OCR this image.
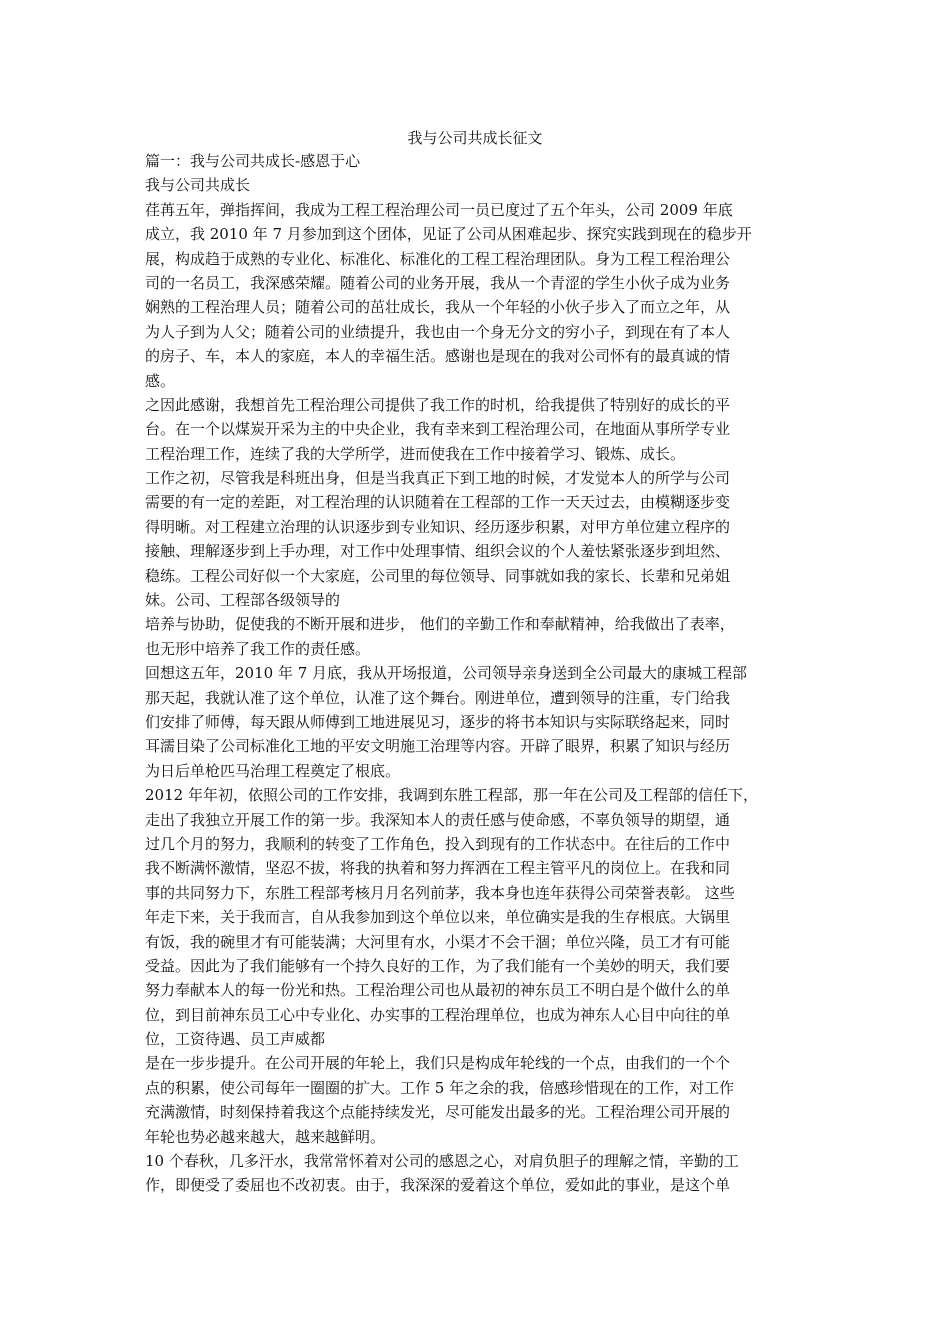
我与公司共成长征文
篇一：我与公司共成长-感恩于心
我与公司共成长
荏苒五年，弹指挥间，我成为工程工程治理公司一员已度过了五个年头，公司 2009 年底
成立，我 2010 年 7 月参加到这个团体，见证了公司从困难起步、探究实践到现在的稳步开
展，构成趋于成熟的专业化、标准化、标准化的工程工程治理团队。身为工程工程治理公
司的一名员工，我深感荣耀。随着公司的业务开展，我从一个青涩的学生小伙子成为业务
娴熟的工程治理人员；随着公司的茁壮成长，我从一个年轻的小伙子步入了而立之年，从
为人子到为人父；随着公司的业绩提升，我也由一个身无分文的穷小子，到现在有了本人
的房子、车，本人的家庭，本人的幸福生活。感谢也是现在的我对公司怀有的最真诚的情
感。
之因此感谢，我想首先工程治理公司提供了我工作的时机，给我提供了特别好的成长的平
台。在一个以煤炭开采为主的中央企业，我有幸来到工程治理公司，在地面从事所学专业
工程治理工作，连续了我的大学所学，进而使我在工作中接着学习、锻炼、成长。
工作之初，尽管我是科班出身，但是当我真正下到工地的时候，才发觉本人的所学与公司
需要的有一定的差距，对工程治理的认识随着在工程部的工作一天天过去，由模糊逐步变
得明晰。对工程建立治理的认识逐步到专业知识、经历逐步积累，对甲方单位建立程序的
接触、理解逐步到上手办理，对工作中处理事情、组织会议的个人羞怯紧张逐步到坦然、
稳练。工程公司好似一个大家庭，公司里的每位领导、同事就如我的家长、长辈和兄弟姐
妹。公司、工程部各级领导的
培养与协助，促使我的不断开展和进步， 他们的辛勤工作和奉献精神，给我做出了表率，
也无形中培养了我工作的责任感。
回想这五年，2010 年 7 月底，我从开场报道，公司领导亲身送到全公司最大的康城工程部
那天起，我就认准了这个单位，认准了这个舞台。刚进单位，遭到领导的注重，专门给我
们安排了师傅，每天跟从师傅到工地进展见习，逐步的将书本知识与实际联络起来，同时
耳濡目染了公司标准化工地的平安文明施工治理等内容。开辟了眼界，积累了知识与经历
为日后单枪匹马治理工程奠定了根底。
2012 年年初，依照公司的工作安排，我调到东胜工程部，那一年在公司及工程部的信任下，
走出了我独立开展工作的第一步。我深知本人的责任感与使命感，不辜负领导的期望，通
过几个月的努力，我顺利的转变了工作角色，投入到现有的工作状态中。在往后的工作中
我不断满怀激情，坚忍不拔，将我的执着和努力挥洒在工程主管平凡的岗位上。在我和同
事的共同努力下，东胜工程部考核月月名列前茅，我本身也连年获得公司荣誉表彰。 这些
年走下来，关于我而言，自从我参加到这个单位以来，单位确实是我的生存根底。大锅里
有饭，我的碗里才有可能装满；大河里有水，小渠才不会干涸；单位兴隆，员工才有可能
受益。因此为了我们能够有一个持久良好的工作，为了我们能有一个美妙的明天，我们要
努力奉献本人的每一份光和热。工程治理公司也从最初的神东员工不明白是个做什么的单
位，到目前神东员工心中专业化、办实事的工程治理单位，也成为神东人心目中向往的单
位，工资待遇、员工声威都
是在一步步提升。在公司开展的年轮上，我们只是构成年轮线的一个点，由我们的一个个
点的积累，使公司每年一圈圈的扩大。工作 5 年之余的我，倍感珍惜现在的工作，对工作
充满激情，时刻保持着我这个点能持续发光，尽可能发出最多的光。工程治理公司开展的
年轮也势必越来越大，越来越鲜明。
10 个春秋，几多汗水，我常常怀着对公司的感恩之心，对肩负胆子的理解之情，辛勤的工
作，即便受了委屈也不改初衷。由于，我深深的爱着这个单位，爱如此的事业，是这个单
